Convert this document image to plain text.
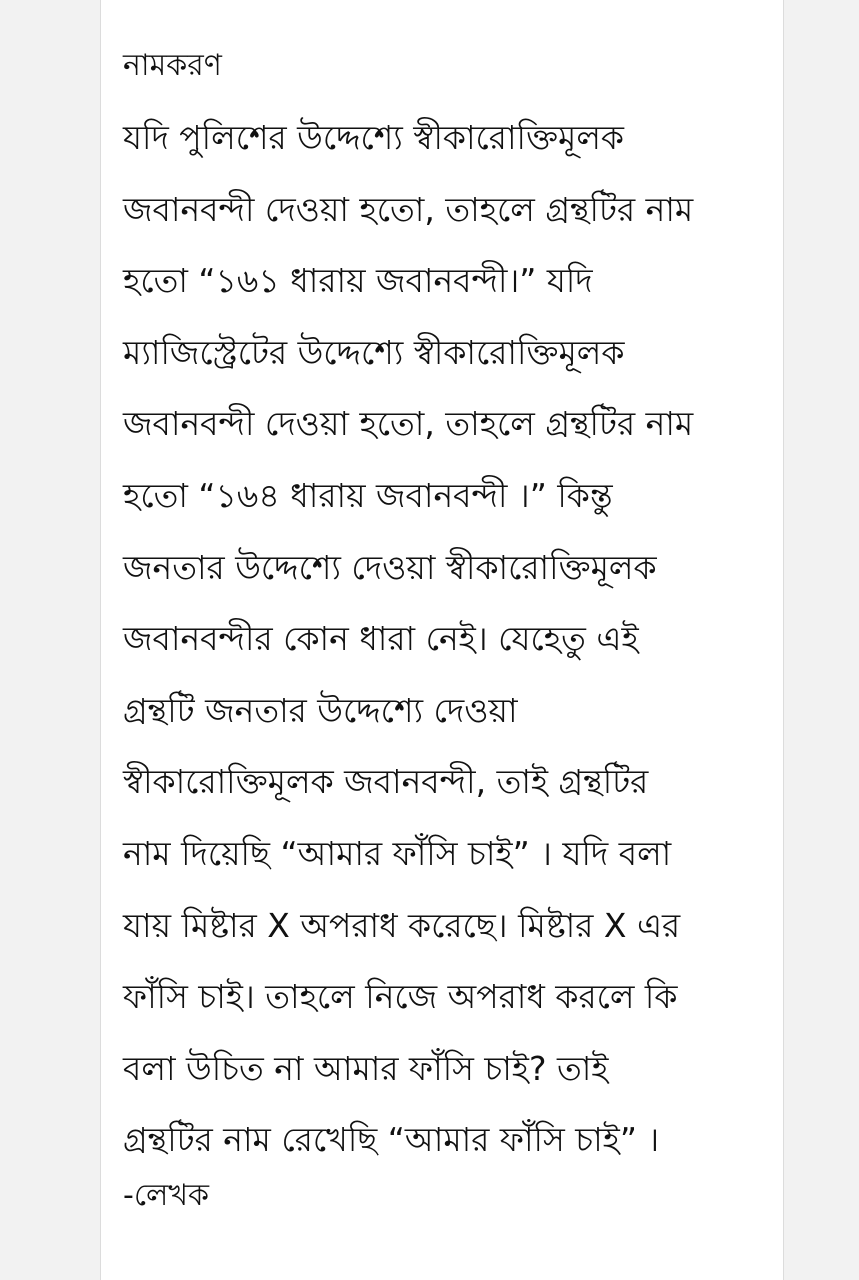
নামকরণ
যদি পুলিশের উদ্দেশ্যে স্বীকারোক্তিমূলক
জবানবন্দী দেওয়া হতো, তাহলে গ্রন্থটির নাম
হতো “১৬১ ধারায় জবানবন্দী।” যদি
ম্যাজিস্ট্রেটের উদ্দেশ্যে স্বীকারোক্তিমূলক
জবানবন্দী দেওয়া হতো, তাহলে গ্রন্থটির নাম
হতো “১৬৪ ধারায় জবানবন্দী ।” কিন্তু
জনতার উদ্দেশ্যে দেওয়া স্বীকারোক্তিমূলক
জবানবন্দীর কোন ধারা নেই। যেহেতু এই
গ্রন্থটি জনতার উদ্দেশ্যে দেওয়া
স্বীকারোক্তিমূলক জবানবন্দী, তাই গ্রন্থটির
নাম দিয়েছি “আমার ফাঁসি চাই” । যদি বলা
যায় মিষ্টার X অপরাধ করেছে। মিষ্টার X এর
ফাঁসি চাই। তাহলে নিজে অপরাধ করলে কি
বলা উচিত না আমার ফাঁসি চাই? তাই
গ্রন্থটির নাম রেখেছি “আমার ফাঁসি চাই” ।

-লেখক
